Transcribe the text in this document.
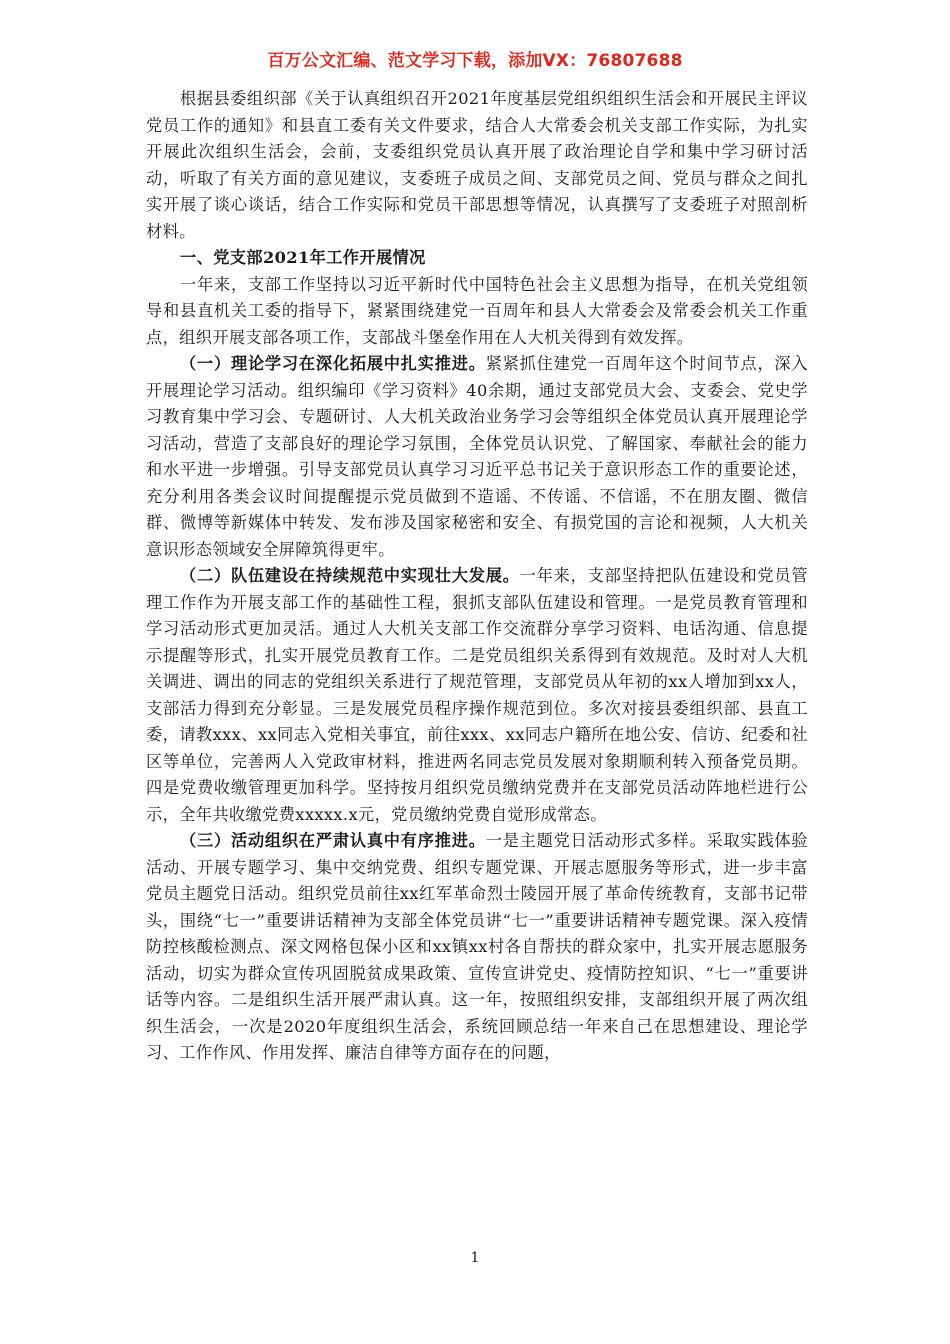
百万公文汇编、范文学习下载，添加VX：76807688

根据县委组织部《关于认真组织召开2021年度基层党组织组织生活会和开展民主评议党员工作的通知》和县直工委有关文件要求，结合人大常委会机关支部工作实际，为扎实开展此次组织生活会，会前，支委组织党员认真开展了政治理论自学和集中学习研讨活动，听取了有关方面的意见建议，支委班子成员之间、支部党员之间、党员与群众之间扎实开展了谈心谈话，结合工作实际和党员干部思想等情况，认真撰写了支委班子对照剖析材料。

一、党支部2021年工作开展情况

一年来，支部工作坚持以习近平新时代中国特色社会主义思想为指导，在机关党组领导和县直机关工委的指导下，紧紧围绕建党一百周年和县人大常委会及常委会机关工作重点，组织开展支部各项工作，支部战斗堡垒作用在人大机关得到有效发挥。

（一）理论学习在深化拓展中扎实推进。紧紧抓住建党一百周年这个时间节点，深入开展理论学习活动。组织编印《学习资料》40余期，通过支部党员大会、支委会、党史学习教育集中学习会、专题研讨、人大机关政治业务学习会等组织全体党员认真开展理论学习活动，营造了支部良好的理论学习氛围，全体党员认识党、了解国家、奉献社会的能力和水平进一步增强。引导支部党员认真学习习近平总书记关于意识形态工作的重要论述，充分利用各类会议时间提醒提示党员做到不造谣、不传谣、不信谣，不在朋友圈、微信群、微博等新媒体中转发、发布涉及国家秘密和安全、有损党国的言论和视频，人大机关意识形态领域安全屏障筑得更牢。

（二）队伍建设在持续规范中实现壮大发展。一年来，支部坚持把队伍建设和党员管理工作作为开展支部工作的基础性工程，狠抓支部队伍建设和管理。一是党员教育管理和学习活动形式更加灵活。通过人大机关支部工作交流群分享学习资料、电话沟通、信息提示提醒等形式，扎实开展党员教育工作。二是党员组织关系得到有效规范。及时对人大机关调进、调出的同志的党组织关系进行了规范管理，支部党员从年初的xx人增加到xx人，支部活力得到充分彰显。三是发展党员程序操作规范到位。多次对接县委组织部、县直工委，请教xxx、xx同志入党相关事宜，前往xxx、xx同志户籍所在地公安、信访、纪委和社区等单位，完善两人入党政审材料，推进两名同志党员发展对象期顺利转入预备党员期。四是党费收缴管理更加科学。坚持按月组织党员缴纳党费并在支部党员活动阵地栏进行公示，全年共收缴党费xxxxx.x元，党员缴纳党费自觉形成常态。

（三）活动组织在严肃认真中有序推进。一是主题党日活动形式多样。采取实践体验活动、开展专题学习、集中交纳党费、组织专题党课、开展志愿服务等形式，进一步丰富党员主题党日活动。组织党员前往xx红军革命烈士陵园开展了革命传统教育，支部书记带头，围绕“七一”重要讲话精神为支部全体党员讲“七一”重要讲话精神专题党课。深入疫情防控核酸检测点、深文网格包保小区和xx镇xx村各自帮扶的群众家中，扎实开展志愿服务活动，切实为群众宣传巩固脱贫成果政策、宣传宣讲党史、疫情防控知识、“七一”重要讲话等内容。二是组织生活开展严肃认真。这一年，按照组织安排，支部组织开展了两次组织生活会，一次是2020年度组织生活会，系统回顾总结一年来自己在思想建设、理论学习、工作作风、作用发挥、廉洁自律等方面存在的问题，

1
